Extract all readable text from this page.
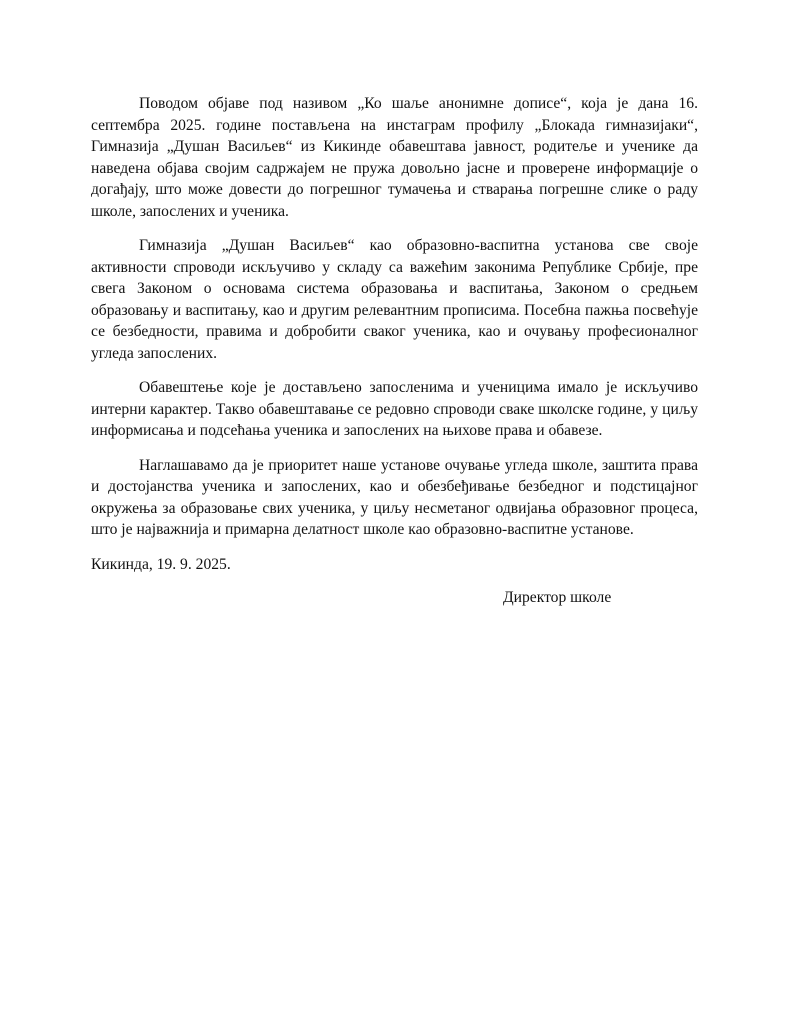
Поводом објаве под називом „Ко шаље анонимне дописе“, која је дана 16. септембра 2025. године постављена на инстаграм профилу „Блокада гимназијаки“, Гимназија „Душан Васиљев“ из Кикинде обавештава јавност, родитеље и ученике да наведена објава својим садржајем не пружа довољно јасне и проверене информације о догађају, што може довести до погрешног тумачења и стварања погрешне слике о раду школе, запослених и ученика.

Гимназија „Душан Васиљев“ као образовно-васпитна установа све своје активности спроводи искључиво у складу са важећим законима Републике Србије, пре свега Законом о основама система образовања и васпитања, Законом о средњем образовању и васпитању, као и другим релевантним прописима. Посебна пажња посвећује се безбедности, правима и добробити сваког ученика, као и очувању професионалног угледа запослених.

Обавештење које је достављено запосленима и ученицима имало је искључиво интерни карактер. Такво обавештавање се редовно спроводи сваке школске године, у циљу информисања и подсећања ученика и запослених на њихове права и обавезе.

Наглашавамо да је приоритет наше установе очување угледа школе, заштита права и достојанства ученика и запослених, као и обезбеђивање безбедног и подстицајног окружења за образовање свих ученика, у циљу несметаног одвијања образовног процеса, што је најважнија и примарна делатност школе као образовно-васпитне установе.

Кикинда, 19. 9. 2025.

Директор школе
